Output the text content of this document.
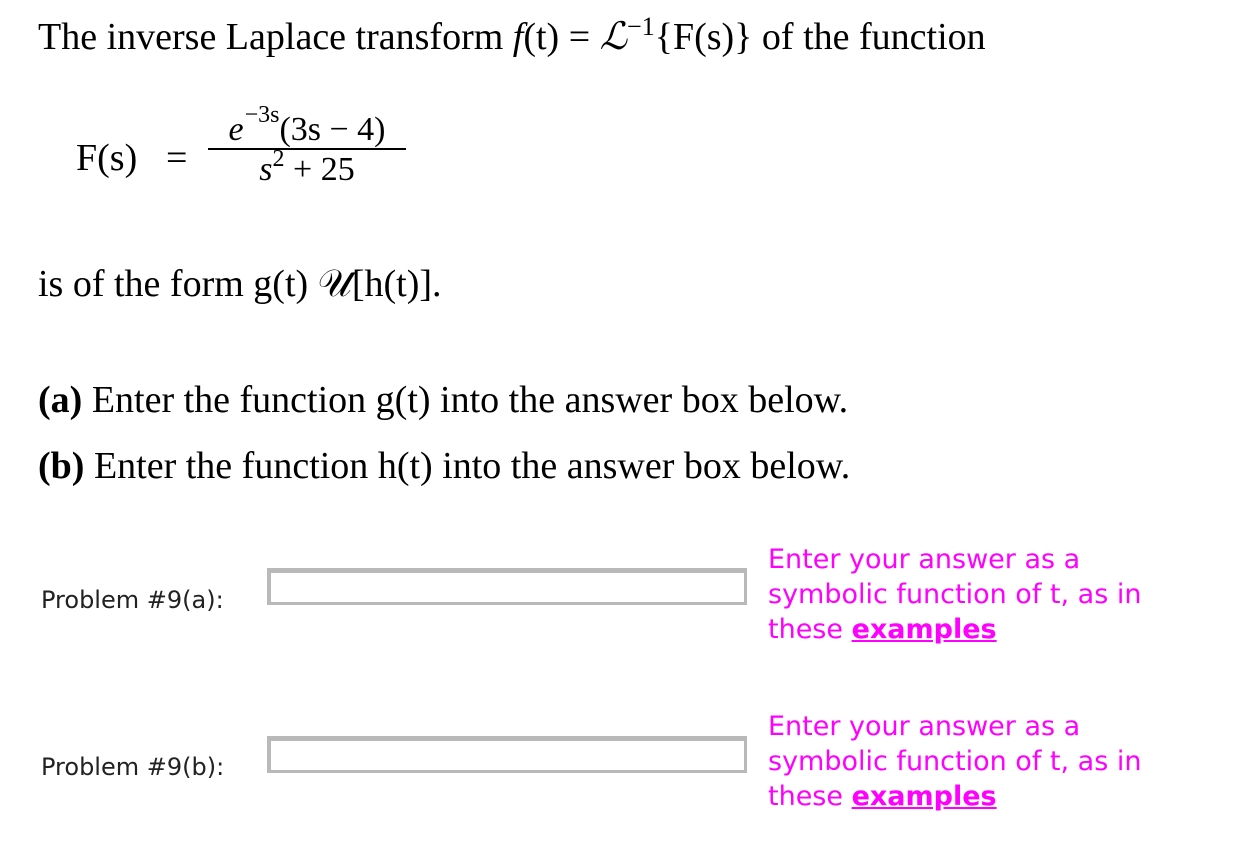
The inverse Laplace transform f(t) = ℒ$^{-1}${F(s)} of the function
F(s) =
$e^{-3s}(3s - 4)$
$s^2 + 25$
is of the form g(t) 𝒰[h(t)].
(a) Enter the function g(t) into the answer box below.
(b) Enter the function h(t) into the answer box below.
Problem #9(a):
Enter your answer as a
symbolic function of t, as in
these examples
Problem #9(b):
Enter your answer as a
symbolic function of t, as in
these examples
